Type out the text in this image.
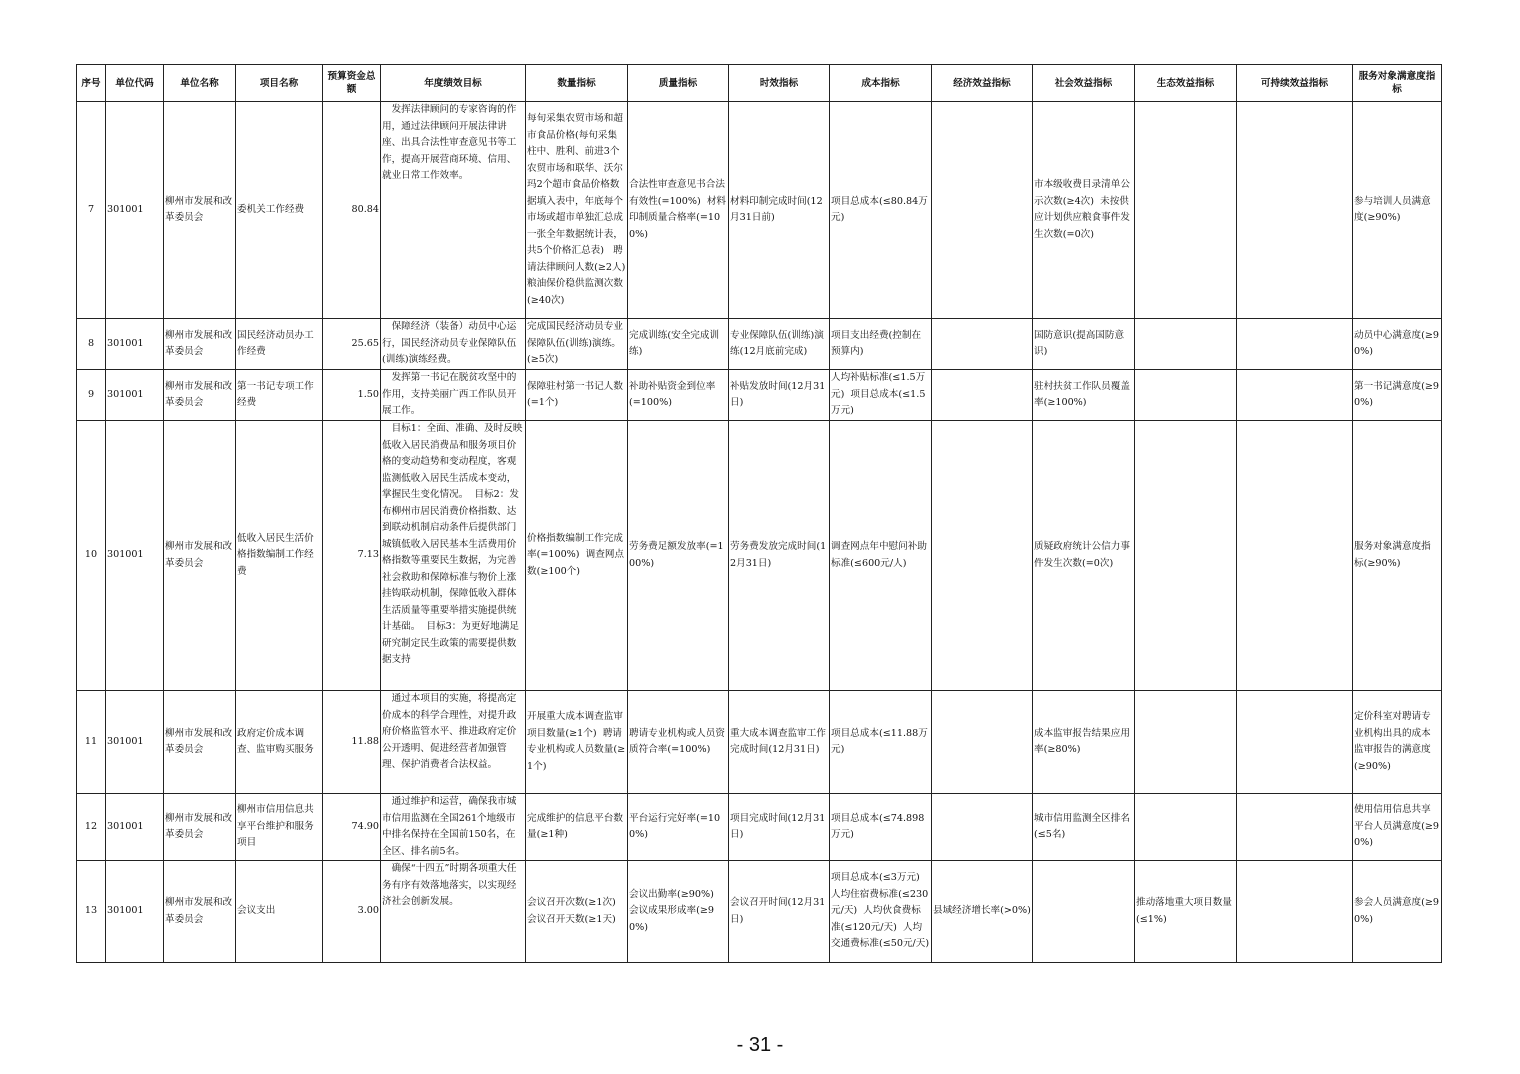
序号	单位代码	单位名称	项目名称	预算资金总额	年度绩效目标	数量指标	质量指标	时效指标	成本指标	经济效益指标	社会效益指标	生态效益指标	可持续效益指标	服务对象满意度指标
7	301001	柳州市发展和改革委员会	委机关工作经费	80.84	发挥法律顾问的专家咨询的作用，通过法律顾问开展法律讲座、出具合法性审查意见书等工作，提高开展营商环境、信用、就业日常工作效率。	每旬采集农贸市场和超市食品价格(每旬采集柱中、胜利、前进3个农贸市场和联华、沃尔玛2个超市食品价格数据填入表中，年底每个市场或超市单独汇总成一张全年数据统计表，共5个价格汇总表)   聘请法律顾问人数(≥2人)  粮油保价稳供监测次数(≥40次)	合法性审查意见书合法有效性(=100%)  材料印制质量合格率(=100%)	材料印制完成时间(12月31日前)	项目总成本(≤80.84万元)		市本级收费目录清单公示次数(≥4次)  未按供应计划供应粮食事件发生次数(=0次)			参与培训人员满意度(≥90%)
8	301001	柳州市发展和改革委员会	国民经济动员办工作经费	25.65	保障经济（装备）动员中心运行，国民经济动员专业保障队伍(训练)演练经费。	完成国民经济动员专业保障队伍(训练)演练。(≥5次)	完成训练(安全完成训练)	专业保障队伍(训练)演练(12月底前完成)	项目支出经费(控制在预算内)		国防意识(提高国防意识)			动员中心满意度(≥90%)
9	301001	柳州市发展和改革委员会	第一书记专项工作经费	1.50	发挥第一书记在脱贫攻坚中的作用，支持美丽广西工作队员开展工作。	保障驻村第一书记人数(=1个)	补助补贴资金到位率(=100%)	补贴发放时间(12月31日)	人均补贴标准(≤1.5万元)  项目总成本(≤1.5万元)		驻村扶贫工作队员覆盖率(≥100%)			第一书记满意度(≥90%)
10	301001	柳州市发展和改革委员会	低收入居民生活价格指数编制工作经费	7.13	目标1：全面、准确、及时反映低收入居民消费品和服务项目价格的变动趋势和变动程度，客观监测低收入居民生活成本变动，掌握民生变化情况。  目标2：发布柳州市居民消费价格指数、达到联动机制启动条件后提供部门城镇低收入居民基本生活费用价格指数等重要民生数据，为完善社会救助和保障标准与物价上涨挂钩联动机制，保障低收入群体生活质量等重要举措实施提供统计基础。  目标3：为更好地满足研究制定民生政策的需要提供数据支持	价格指数编制工作完成率(=100%)  调查网点数(≥100个)	劳务费足额发放率(=100%)	劳务费发放完成时间(12月31日)	调查网点年中慰问补助标准(≤600元/人)		质疑政府统计公信力事件发生次数(=0次)			服务对象满意度指标(≥90%)
11	301001	柳州市发展和改革委员会	政府定价成本调查、监审购买服务	11.88	通过本项目的实施，将提高定价成本的科学合理性，对提升政府价格监管水平、推进政府定价公开透明、促进经营者加强管理、保护消费者合法权益。	开展重大成本调查监审项目数量(≥1个)  聘请专业机构或人员数量(≥1个)	聘请专业机构或人员资质符合率(=100%)	重大成本调查监审工作完成时间(12月31日)	项目总成本(≤11.88万元)		成本监审报告结果应用率(≥80%)			定价科室对聘请专业机构出具的成本监审报告的满意度(≥90%)
12	301001	柳州市发展和改革委员会	柳州市信用信息共享平台维护和服务项目	74.90	通过维护和运营，确保我市城市信用监测在全国261个地级市中排名保持在全国前150名，在全区、排名前5名。	完成维护的信息平台数量(≥1种)	平台运行完好率(=100%)	项目完成时间(12月31日)	项目总成本(≤74.898万元)		城市信用监测全区排名(≤5名)			使用信用信息共享平台人员满意度(≥90%)
13	301001	柳州市发展和改革委员会	会议支出	3.00	确保“十四五”时期各项重大任务有序有效落地落实，以实现经济社会创新发展。	会议召开次数(≥1次)  会议召开天数(≥1天)	会议出勤率(≥90%)  会议成果形成率(≥90%)	会议召开时间(12月31日)	项目总成本(≤3万元)  人均住宿费标准(≤230元/天)  人均伙食费标准(≤120元/天)  人均交通费标准(≤50元/天)	县域经济增长率(>0%)		推动落地重大项目数量(≤1%)		参会人员满意度(≥90%)
- 31 -
